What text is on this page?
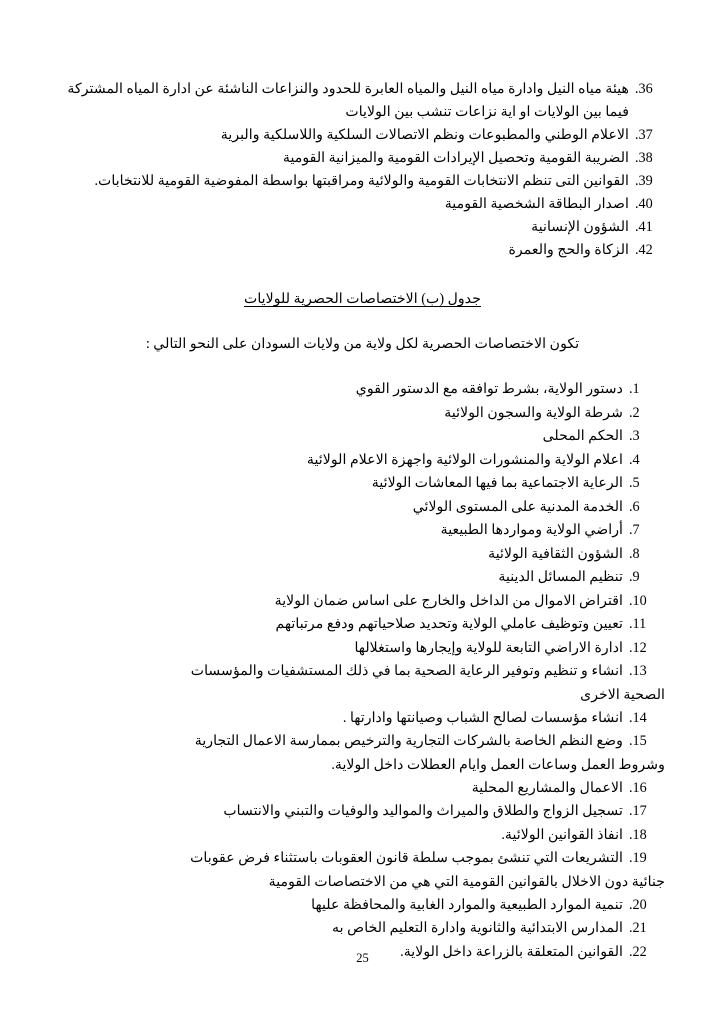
36.
هيئة مياه النيل وادارة مياه النيل والمياه العابرة للحدود والنزاعات الناشئة عن ادارة المياه المشتركة فيما بين الولايات او اية نزاعات تنشب بين الولايات
37.
الاعلام الوطني والمطبوعات ونظم الاتصالات السلكية واللاسلكية والبرية
38.
الضريبة القومية وتحصيل الإيرادات القومية والميزانية القومية
39.
القوانين التى تنظم الانتخابات القومية والولائية ومراقبتها بواسطة المفوضية القومية للانتخابات.
40.
اصدار البطاقة الشخصية القومية
41.
الشؤون الإنسانية
42.
الزكاة والحج والعمرة
جدول (ب) الاختصاصات الحصرية للولايات
تكون الاختصاصات الحصرية لكل ولاية من ولايات السودان على النحو التالي :
1.
دستور الولاية، بشرط توافقه مع الدستور القوي
2.
شرطة الولاية والسجون الولائية
3.
الحكم المحلى
4.
اعلام الولاية والمنشورات الولائية واجهزة الاعلام الولائية
5.
الرعاية الاجتماعية بما فيها المعاشات الولائية
6.
الخدمة المدنية على المستوى الولائي
7.
أراضي الولاية ومواردها الطبيعية
8.
الشؤون الثقافية الولائية
9.
تنظيم المسائل الدينية
10.
اقتراض الاموال من الداخل والخارج على اساس ضمان الولاية
11.
تعيين وتوظيف عاملي الولاية وتحديد صلاحياتهم ودفع مرتباتهم
12.
ادارة الاراضي التابعة للولاية وإيجارها واستغلالها
13.
انشاء و تنظيم وتوفير الرعاية الصحية بما في ذلك المستشفيات والمؤسسات
الصحية الاخرى
14.
انشاء مؤسسات لصالح الشباب وصيانتها وادارتها .
15.
وضع النظم الخاصة بالشركات التجارية والترخيص بممارسة الاعمال التجارية
وشروط العمل وساعات العمل وايام العطلات داخل الولاية.
16.
الاعمال والمشاريع المحلية
17.
تسجيل الزواج والطلاق والميراث والمواليد والوفيات والتبني والانتساب
18.
انفاذ القوانين الولائية.
19.
التشريعات التي تنشئ بموجب سلطة قانون العقوبات باستثناء فرض عقوبات
جنائية دون الاخلال بالقوانين القومية التي هي من الاختصاصات القومية
20.
تنمية الموارد الطبيعية والموارد الغابية والمحافظة عليها
21.
المدارس الابتدائية والثانوية وادارة التعليم الخاص به
22.
القوانين المتعلقة بالزراعة داخل الولاية.
25
